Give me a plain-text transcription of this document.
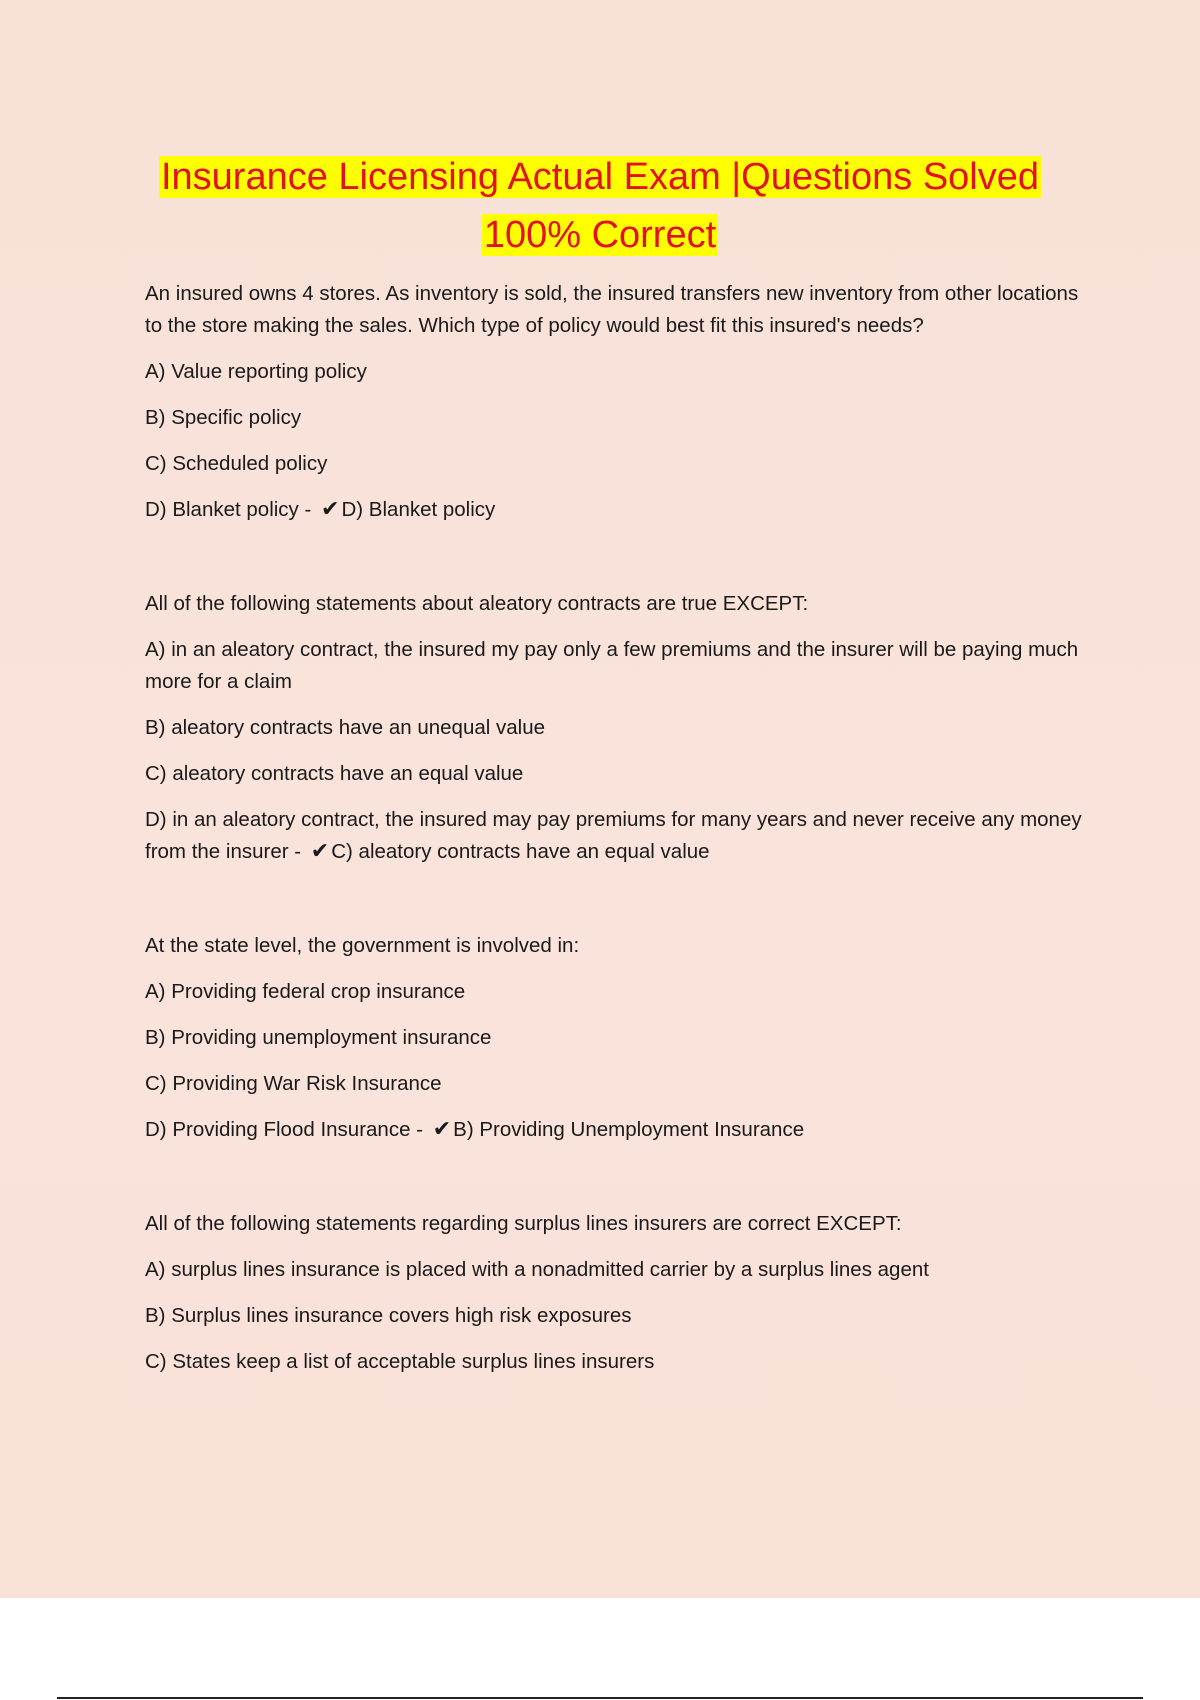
Insurance Licensing Actual Exam |Questions Solved
100% Correct
An insured owns 4 stores. As inventory is sold, the insured transfers new inventory from other locations to the store making the sales. Which type of policy would best fit this insured's needs?
A) Value reporting policy
B) Specific policy
C) Scheduled policy
D) Blanket policy - ✔D) Blanket policy
All of the following statements about aleatory contracts are true EXCEPT:
A) in an aleatory contract, the insured my pay only a few premiums and the insurer will be paying much more for a claim
B) aleatory contracts have an unequal value
C) aleatory contracts have an equal value
D) in an aleatory contract, the insured may pay premiums for many years and never receive any money from the insurer - ✔C) aleatory contracts have an equal value
At the state level, the government is involved in:
A) Providing federal crop insurance
B) Providing unemployment insurance
C) Providing War Risk Insurance
D) Providing Flood Insurance - ✔B) Providing Unemployment Insurance
All of the following statements regarding surplus lines insurers are correct EXCEPT:
A) surplus lines insurance is placed with a nonadmitted carrier by a surplus lines agent
B) Surplus lines insurance covers high risk exposures
C) States keep a list of acceptable surplus lines insurers
